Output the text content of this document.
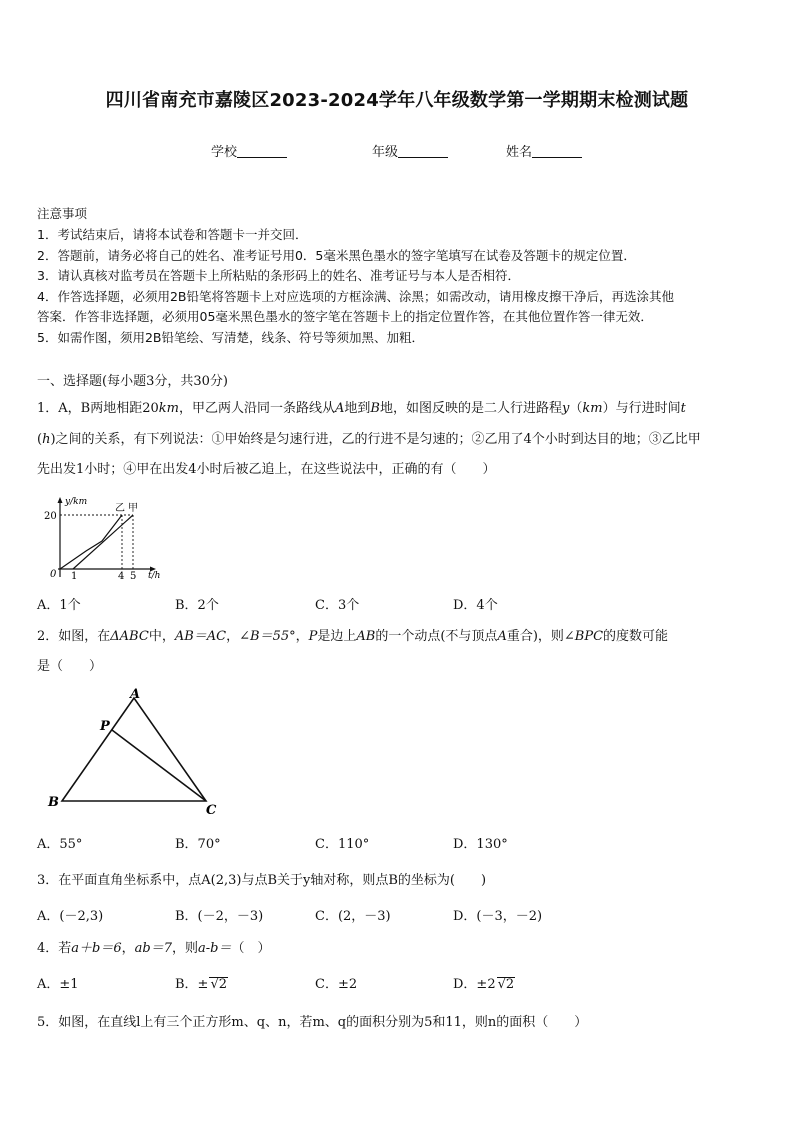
四川省南充市嘉陵区2023-2024学年八年级数学第一学期期末检测试题
学校	年级	姓名
注意事项
1．考试结束后，请将本试卷和答题卡一并交回．
2．答题前，请务必将自己的姓名、准考证号用0．5毫米黑色墨水的签字笔填写在试卷及答题卡的规定位置．
3．请认真核对监考员在答题卡上所粘贴的条形码上的姓名、准考证号与本人是否相符．
4．作答选择题，必须用2B铅笔将答题卡上对应选项的方框涂满、涂黑；如需改动，请用橡皮擦干净后，再选涂其他
答案．作答非选择题，必须用05毫米黑色墨水的签字笔在答题卡上的指定位置作答，在其他位置作答一律无效．
5．如需作图，须用2B铅笔绘、写清楚，线条、符号等须加黑、加粗．
一、选择题(每小题3分，共30分)
1．A，B两地相距20km，甲乙两人沿同一条路线从A地到B地，如图反映的是二人行进路程y（km）与行进时间t
(h)之间的关系，有下列说法：①甲始终是匀速行进，乙的行进不是匀速的；②乙用了4个小时到达目的地；③乙比甲
先出发1小时；④甲在出发4小时后被乙追上，在这些说法中，正确的有（　　）
y/km
t/h
20
0 1	4 5
乙 甲
A．1个	B．2个	C．3个	D．4个
2．如图，在ΔABC中，AB＝AC，∠B＝55°，P是边上AB的一个动点(不与顶点A重合)，则∠BPC的度数可能
是（　　）
A
B
C
P
A．55°	B．70°	C．110°	D．130°
3．在平面直角坐标系中，点A(2,3)与点B关于y轴对称，则点B的坐标为(　　)
A．(－2,3)	B．(－2，－3)	C．(2，－3)	D．(－3，－2)
4．若a＋b＝6，ab＝7，则a-b＝（　）
A．±1	B．± √2	C．±2	D．±2 √2
5．如图，在直线l上有三个正方形m、q、n，若m、q的面积分别为5和11，则n的面积（　　）
